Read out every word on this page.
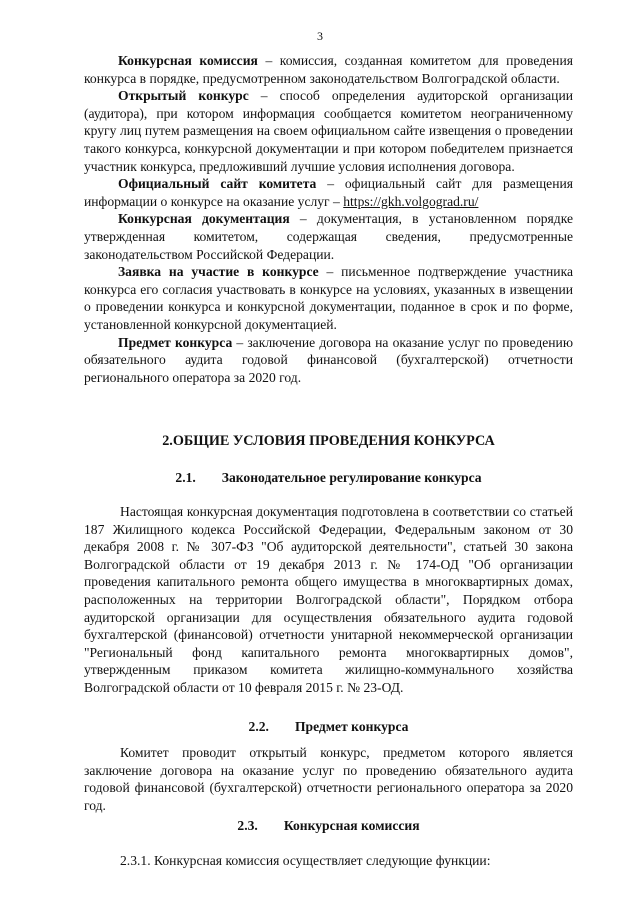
3

Конкурсная комиссия – комиссия, созданная комитетом для проведения конкурса в порядке, предусмотренном законодательством Волгоградской области.

Открытый конкурс – способ определения аудиторской организации (аудитора), при котором информация сообщается комитетом неограниченному кругу лиц путем размещения на своем официальном сайте извещения о проведении такого конкурса, конкурсной документации и при котором победителем признается участник конкурса, предложивший лучшие условия исполнения договора.

Официальный сайт комитета – официальный сайт для размещения информации о конкурсе на оказание услуг – https://gkh.volgograd.ru/

Конкурсная документация – документация, в установленном порядке утвержденная комитетом, содержащая сведения, предусмотренные законодательством Российской Федерации.

Заявка на участие в конкурсе – письменное подтверждение участника конкурса его согласия участвовать в конкурсе на условиях, указанных в извещении о проведении конкурса и конкурсной документации, поданное в срок и по форме, установленной конкурсной документацией.

Предмет конкурса – заключение договора на оказание услуг по проведению обязательного аудита годовой финансовой (бухгалтерской) отчетности регионального оператора за 2020 год.

2.ОБЩИЕ УСЛОВИЯ ПРОВЕДЕНИЯ КОНКУРСА

2.1. Законодательное регулирование конкурса

Настоящая конкурсная документация подготовлена в соответствии со статьей 187 Жилищного кодекса Российской Федерации, Федеральным законом от 30 декабря 2008 г. № 307-ФЗ "Об аудиторской деятельности", статьей 30 закона Волгоградской области от 19 декабря 2013 г. № 174-ОД "Об организации проведения капитального ремонта общего имущества в многоквартирных домах, расположенных на территории Волгоградской области", Порядком отбора аудиторской организации для осуществления обязательного аудита годовой бухгалтерской (финансовой) отчетности унитарной некоммерческой организации "Региональный фонд капитального ремонта многоквартирных домов", утвержденным приказом комитета жилищно-коммунального хозяйства Волгоградской области от 10 февраля 2015 г. № 23-ОД.

2.2. Предмет конкурса

Комитет проводит открытый конкурс, предметом которого является заключение договора на оказание услуг по проведению обязательного аудита годовой финансовой (бухгалтерской) отчетности регионального оператора за 2020 год.

2.3. Конкурсная комиссия

2.3.1. Конкурсная комиссия осуществляет следующие функции:
